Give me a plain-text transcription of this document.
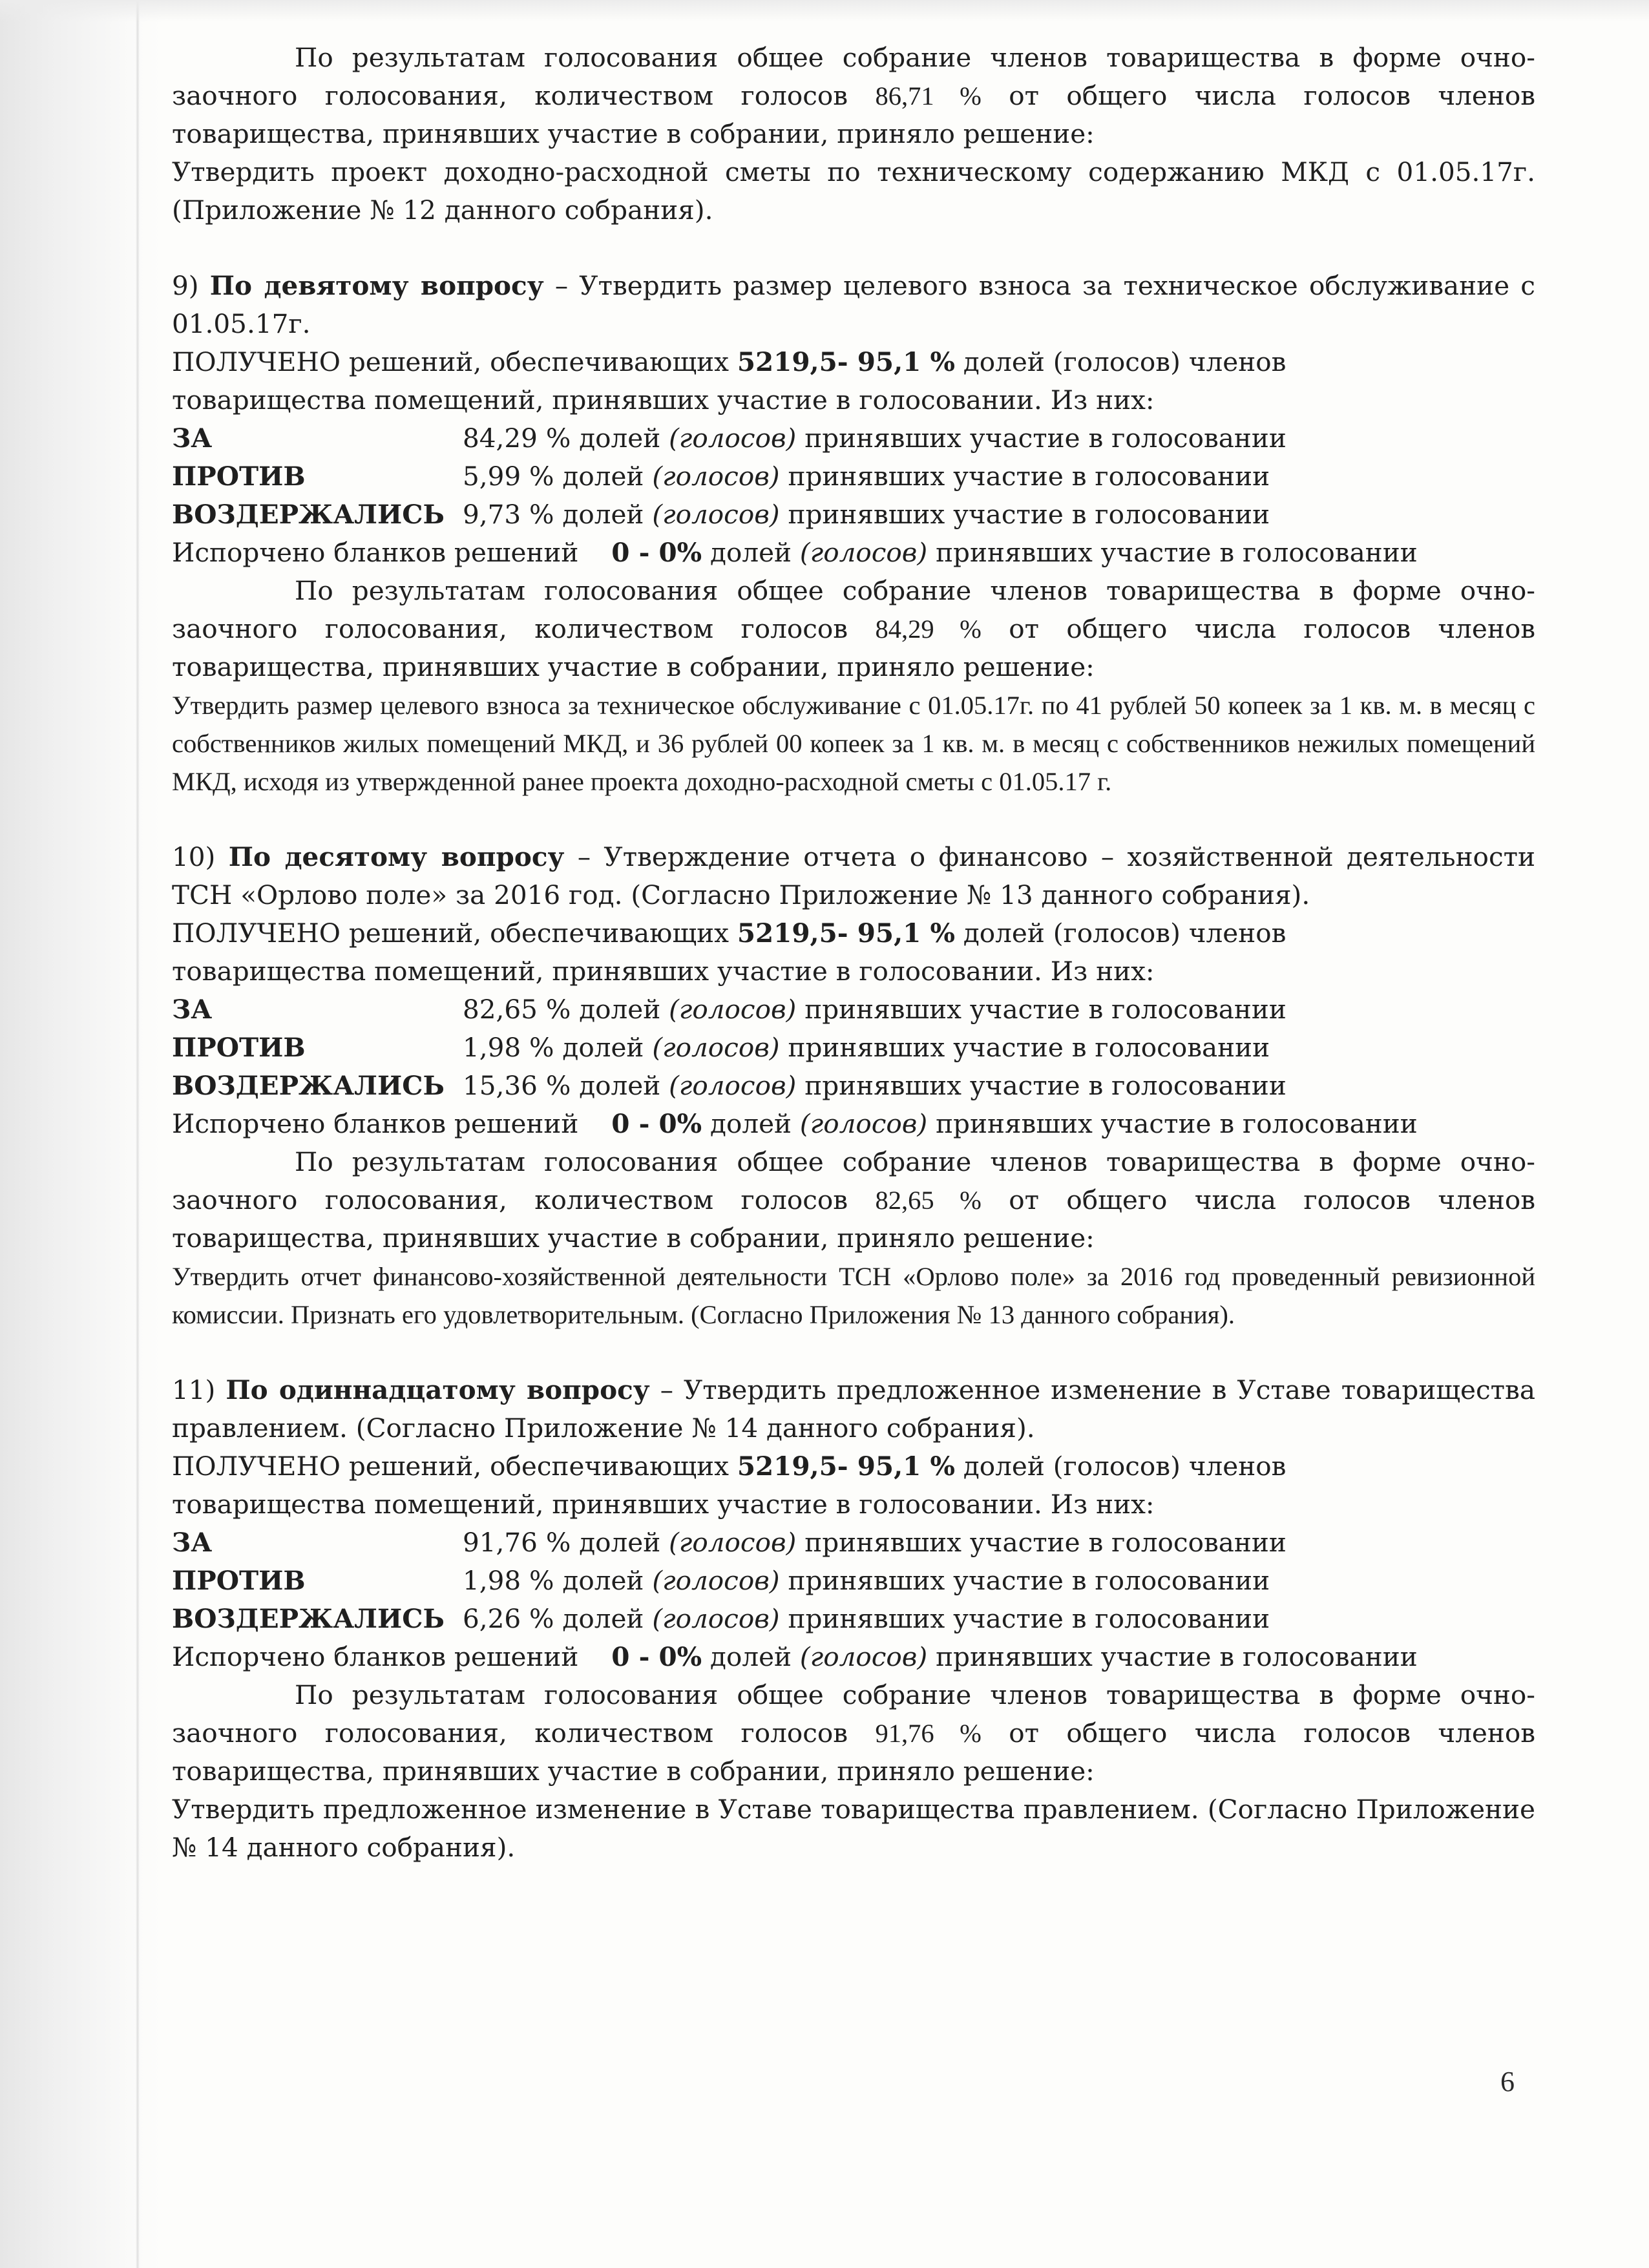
По результатам голосования общее собрание членов товарищества в форме очно-заочного голосования, количеством голосов 86,71 % от общего числа голосов членов товарищества, принявших участие в собрании, приняло решение:

Утвердить проект доходно-расходной сметы по техническому содержанию МКД с 01.05.17г. (Приложение № 12 данного собрания).

9) По девятому вопросу – Утвердить размер целевого взноса за техническое обслуживание с 01.05.17г.

ПОЛУЧЕНО решений, обеспечивающих 5219,5- 95,1 % долей (голосов) членов

товарищества помещений, принявших участие в голосовании. Из них:

ЗА	84,29 % долей (голосов) принявших участие в голосовании
ПРОТИВ	5,99 % долей (голосов) принявших участие в голосовании
ВОЗДЕРЖАЛИСЬ 9,73 % долей (голосов) принявших участие в голосовании

Испорчено бланков решений 0 - 0% долей (голосов) принявших участие в голосовании

По результатам голосования общее собрание членов товарищества в форме очно-заочного голосования, количеством голосов 84,29 % от общего числа голосов членов товарищества, принявших участие в собрании, приняло решение:

Утвердить размер целевого взноса за техническое обслуживание с 01.05.17г. по 41 рублей 50 копеек за 1 кв. м. в месяц с собственников жилых помещений МКД, и 36 рублей 00 копеек за 1 кв. м. в месяц с собственников нежилых помещений МКД, исходя из утвержденной ранее проекта доходно-расходной сметы с 01.05.17 г.

10) По десятому вопросу – Утверждение отчета о финансово – хозяйственной деятельности ТСН «Орлово поле» за 2016 год. (Согласно Приложение № 13 данного собрания).

ПОЛУЧЕНО решений, обеспечивающих 5219,5- 95,1 % долей (голосов) членов

товарищества помещений, принявших участие в голосовании. Из них:

ЗА	82,65 % долей (голосов) принявших участие в голосовании
ПРОТИВ	1,98 % долей (голосов) принявших участие в голосовании
ВОЗДЕРЖАЛИСЬ 15,36 % долей (голосов) принявших участие в голосовании

Испорчено бланков решений 0 - 0% долей (голосов) принявших участие в голосовании

По результатам голосования общее собрание членов товарищества в форме очно-заочного голосования, количеством голосов 82,65 % от общего числа голосов членов товарищества, принявших участие в собрании, приняло решение:

Утвердить отчет финансово-хозяйственной деятельности ТСН «Орлово поле» за 2016 год проведенный ревизионной комиссии. Признать его удовлетворительным. (Согласно Приложения № 13 данного собрания).

11) По одиннадцатому вопросу – Утвердить предложенное изменение в Уставе товарищества правлением. (Согласно Приложение № 14 данного собрания).

ПОЛУЧЕНО решений, обеспечивающих 5219,5- 95,1 % долей (голосов) членов

товарищества помещений, принявших участие в голосовании. Из них:

ЗА	91,76 % долей (голосов) принявших участие в голосовании
ПРОТИВ	1,98 % долей (голосов) принявших участие в голосовании
ВОЗДЕРЖАЛИСЬ 6,26 % долей (голосов) принявших участие в голосовании

Испорчено бланков решений 0 - 0% долей (голосов) принявших участие в голосовании

По результатам голосования общее собрание членов товарищества в форме очно-заочного голосования, количеством голосов 91,76 % от общего числа голосов членов товарищества, принявших участие в собрании, приняло решение:

Утвердить предложенное изменение в Уставе товарищества правлением. (Согласно Приложение № 14 данного собрания).

6
